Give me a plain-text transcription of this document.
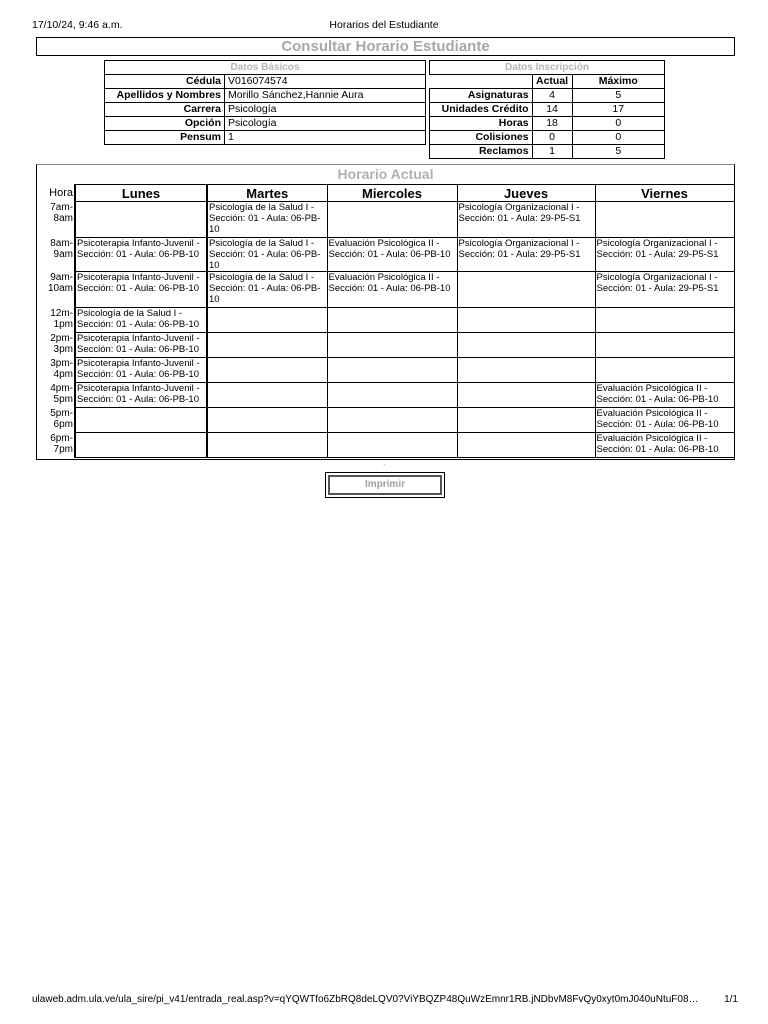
17/10/24, 9:46 a.m.	Horarios del Estudiante
Consultar Horario Estudiante
Datos Básicos	
Cédula	V016074574
Apellidos y Nombres	Morillo Sánchez,Hannie Aura
Carrera	Psicología
Opción	Psicología
Pensum	1
Datos Inscripción		
	Actual	Máximo
Asignaturas	4	5
Unidades Crédito	14	17
Horas	18	0
Colisiones	0	0
Reclamos	1	5
Horario Actual
Hora	Lunes	Martes	Miercoles	Jueves	Viernes

7am-
8am		Psicología de la Salud I - Sección: 01 - Aula: 06-PB-10		Psicología Organizacional I - Sección: 01 - Aula: 29-P5-S1	

8am-
9am	Psicoterapia Infanto-Juvenil - Sección: 01 - Aula: 06-PB-10	Psicología de la Salud I - Sección: 01 - Aula: 06-PB-10	Evaluación Psicológica II - Sección: 01 - Aula: 06-PB-10	Psicología Organizacional I - Sección: 01 - Aula: 29-P5-S1	Psicología Organizacional I - Sección: 01 - Aula: 29-P5-S1

9am-
10am	Psicoterapia Infanto-Juvenil - Sección: 01 - Aula: 06-PB-10	Psicología de la Salud I - Sección: 01 - Aula: 06-PB-10	Evaluación Psicológica II - Sección: 01 - Aula: 06-PB-10		Psicología Organizacional I - Sección: 01 - Aula: 29-P5-S1

12m-
1pm	Psicología de la Salud I - Sección: 01 - Aula: 06-PB-10				

2pm-
3pm	Psicoterapia Infanto-Juvenil - Sección: 01 - Aula: 06-PB-10				

3pm-
4pm	Psicoterapia Infanto-Juvenil - Sección: 01 - Aula: 06-PB-10				

4pm-
5pm	Psicoterapia Infanto-Juvenil - Sección: 01 - Aula: 06-PB-10				Evaluación Psicológica II - Sección: 01 - Aula: 06-PB-10

5pm-
6pm					Evaluación Psicológica II - Sección: 01 - Aula: 06-PB-10

6pm-
7pm					Evaluación Psicológica II - Sección: 01 - Aula: 06-PB-10
.
Imprimir
ulaweb.adm.ula.ve/ula_sire/pi_v41/entrada_real.asp?v=qYQWTfo6ZbRQ8deLQV0?ViYBQZP48QuWzEmnr1RB.jNDbvM8FvQy0xyt0mJ040uNtuF08…	1/1
